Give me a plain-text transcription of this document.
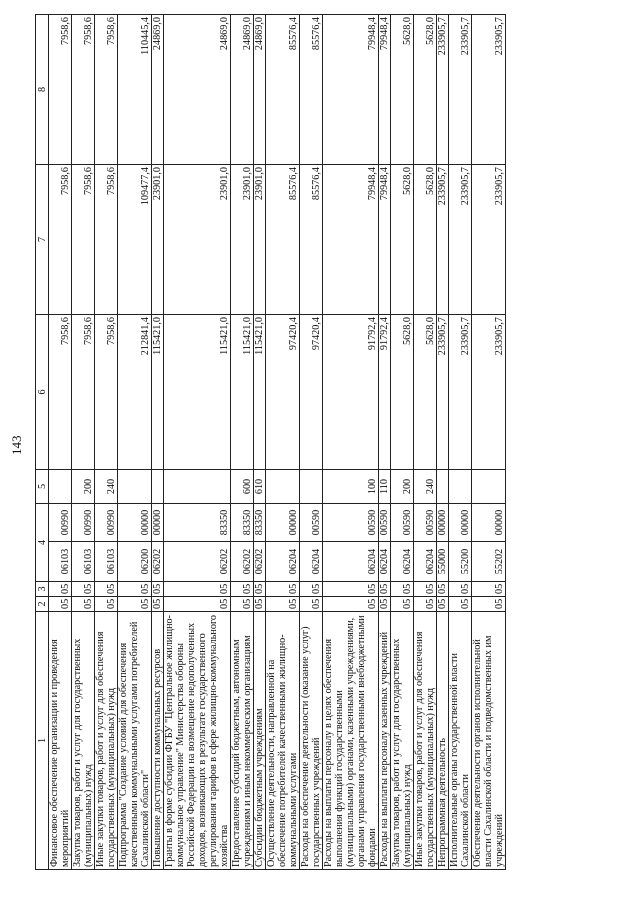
143
1	2	3	4		5	6	7	8
Финансовое обеспечение организации и проведения мероприятий	05	05	06103	00990		7958,6	7958,6	7958,6
Закупка товаров, работ и услуг для государственных (муниципальных) нужд	05	05	06103	00990	200	7958,6	7958,6	7958,6
Иные закупки товаров, работ и услуг для обеспечения государственных (муниципальных) нужд	05	05	06103	00990	240	7958,6	7958,6	7958,6
Подпрограмма "Создание условий для обеспечения качественными коммунальными услугами потребителей Сахалинской области"	05	05	06200	00000		212841,4	109477,4	110445,4
Повышение доступности коммунальных ресурсов	05	05	06202	00000		115421,0	23901,0	24869,0
Гранты в форме субсидии ФГБУ "Центральное жилищно-коммунальное управление" Министерства обороны Российской Федерации на возмещение недополученных доходов, возникающих в результате государственного регулирования тарифов в сфере жилищно-коммунального хозяйства	05	05	06202	83350		115421,0	23901,0	24869,0
Предоставление субсидий бюджетным, автономным учреждениям и иным некоммерческим организациям	05	05	06202	83350	600	115421,0	23901,0	24869,0
Субсидии бюджетным учреждениям	05	05	06202	83350	610	115421,0	23901,0	24869,0
Осуществление деятельности, направленной на обеспечение потребителей качественными жилищно-коммунальными услугами	05	05	06204	00000		97420,4	85576,4	85576,4
Расходы на обеспечение деятельности (оказание услуг) государственных учреждений	05	05	06204	00590		97420,4	85576,4	85576,4
Расходы на выплаты персоналу в целях обеспечения выполнения функций государственными (муниципальными) органами, казенными учреждениями, органами управления государственными внебюджетными фондами	05	05	06204	00590	100	91792,4	79948,4	79948,4
Расходы на выплаты персоналу казенных учреждений	05	05	06204	00590	110	91792,4	79948,4	79948,4
Закупка товаров, работ и услуг для государственных (муниципальных) нужд	05	05	06204	00590	200	5628,0	5628,0	5628,0
Иные закупки товаров, работ и услуг для обеспечения государственных (муниципальных) нужд	05	05	06204	00590	240	5628,0	5628,0	5628,0
Непрограммная деятельность	05	05	55000	00000		233905,7	233905,7	233905,7
Исполнительные органы государственной власти Сахалинской области	05	05	55200	00000		233905,7	233905,7	233905,7
Обеспечение деятельности органов исполнительной власти Сахалинской области и подведомственных им учреждений	05	05	55202	00000		233905,7	233905,7	233905,7
